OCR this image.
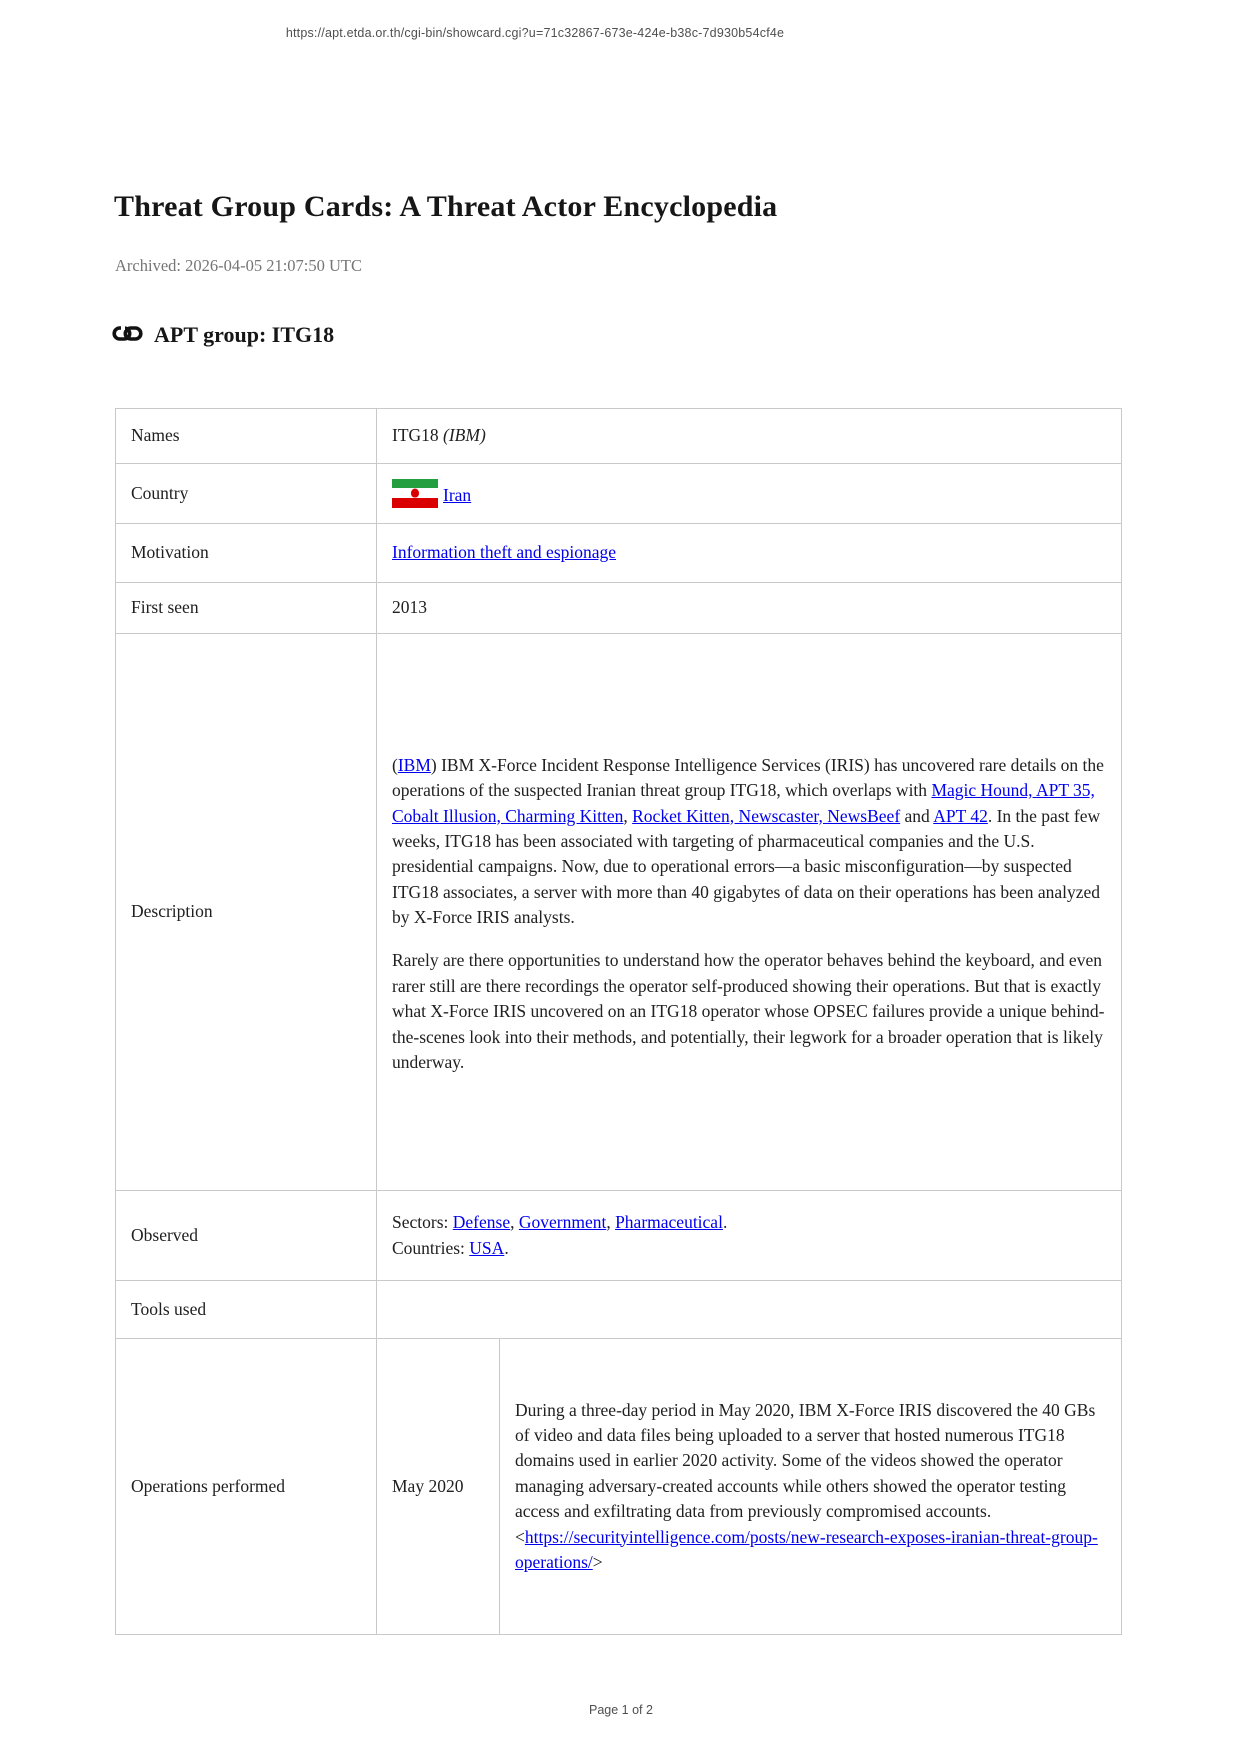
https://apt.etda.or.th/cgi-bin/showcard.cgi?u=71c32867-673e-424e-b38c-7d930b54cf4e
Threat Group Cards: A Threat Actor Encyclopedia
Archived: 2026-04-05 21:07:50 UTC
APT group: ITG18
Names	ITG18 (IBM)	
Country	Iran	
Motivation	Information theft and espionage	
First seen	2013	
Description	(IBM) IBM X-Force Incident Response Intelligence Services (IRIS) has uncovered rare details on the operations of the suspected Iranian threat group ITG18, which overlaps with Magic Hound, APT 35, Cobalt Illusion, Charming Kitten, Rocket Kitten, Newscaster, NewsBeef and APT 42. In the past few weeks, ITG18 has been associated with targeting of pharmaceutical companies and the U.S. presidential campaigns. Now, due to operational errors—a basic misconfiguration—by suspected ITG18 associates, a server with more than 40 gigabytes of data on their operations has been analyzed by X-Force IRIS analysts.

Rarely are there opportunities to understand how the operator behaves behind the keyboard, and even rarer still are there recordings the operator self-produced showing their operations. But that is exactly what X-Force IRIS uncovered on an ITG18 operator whose OPSEC failures provide a unique behind-the-scenes look into their methods, and potentially, their legwork for a broader operation that is likely underway.	

Observed	Sectors: Defense, Government, Pharmaceutical.
Countries: USA.	

Tools used		
Operations performed	May 2020	During a three-day period in May 2020, IBM X-Force IRIS discovered the 40 GBs of video and data files being uploaded to a server that hosted numerous ITG18 domains used in earlier 2020 activity. Some of the videos showed the operator managing adversary-created accounts while others showed the operator testing access and exfiltrating data from previously compromised accounts. <https://securityintelligence.com/posts/new-research-exposes-iranian-threat-group-operations/>
Page 1 of 2
